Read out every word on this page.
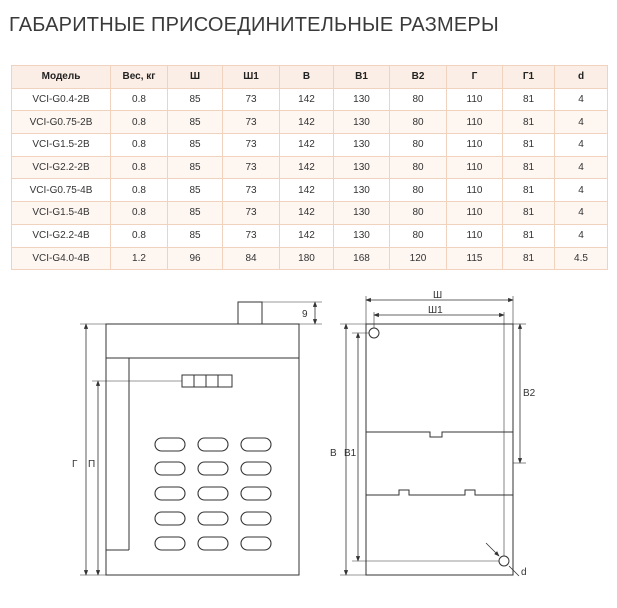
ГАБАРИТНЫЕ ПРИСОЕДИНИТЕЛЬНЫЕ РАЗМЕРЫ
Модель	Вес, кг	Ш	Ш1	В	В1	В2	Г	Г1	d
VCI-G0.4-2В	0.8	85	73	142	130	80	110	81	4
VCI-G0.75-2В	0.8	85	73	142	130	80	110	81	4
VCI-G1.5-2В	0.8	85	73	142	130	80	110	81	4
VCI-G2.2-2В	0.8	85	73	142	130	80	110	81	4
VCI-G0.75-4В	0.8	85	73	142	130	80	110	81	4
VCI-G1.5-4В	0.8	85	73	142	130	80	110	81	4
VCI-G2.2-4В	0.8	85	73	142	130	80	110	81	4
VCI-G4.0-4В	1.2	96	84	180	168	120	115	81	4.5
9
Г П
Ш
Ш1
В В1
В2
d
